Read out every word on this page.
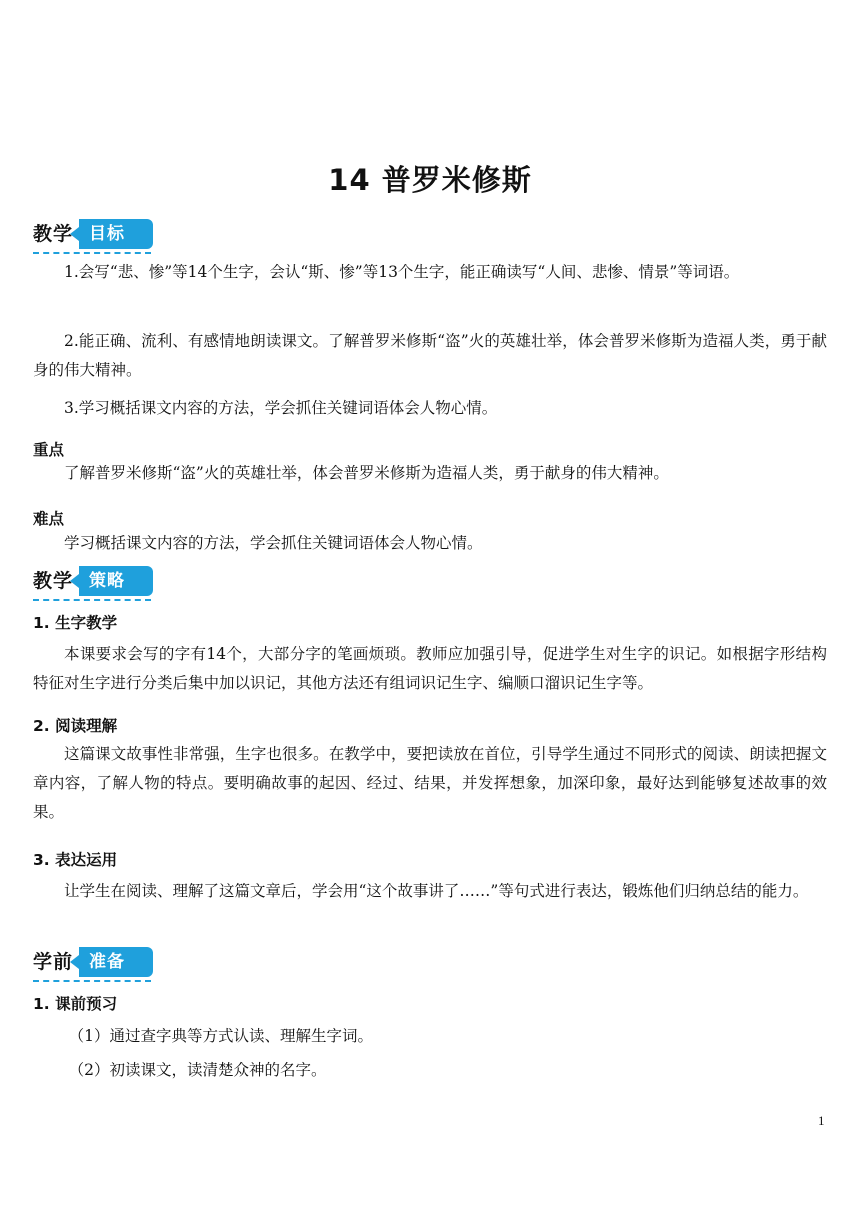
14 普罗米修斯
教学 目标
1.会写“悲、惨”等14个生字，会认“斯、惨”等13个生字，能正确读写“人间、悲惨、情景”等词语。
2.能正确、流利、有感情地朗读课文。了解普罗米修斯“盗”火的英雄壮举，体会普罗米修斯为造福人类，勇于献身的伟大精神。
3.学习概括课文内容的方法，学会抓住关键词语体会人物心情。
重点
了解普罗米修斯“盗”火的英雄壮举，体会普罗米修斯为造福人类，勇于献身的伟大精神。
难点
学习概括课文内容的方法，学会抓住关键词语体会人物心情。
教学 策略
1. 生字教学
本课要求会写的字有14个，大部分字的笔画烦琐。教师应加强引导，促进学生对生字的识记。如根据字形结构特征对生字进行分类后集中加以识记，其他方法还有组词识记生字、编顺口溜识记生字等。
2. 阅读理解
这篇课文故事性非常强，生字也很多。在教学中，要把读放在首位，引导学生通过不同形式的阅读、朗读把握文章内容，了解人物的特点。要明确故事的起因、经过、结果，并发挥想象，加深印象，最好达到能够复述故事的效果。
3. 表达运用
让学生在阅读、理解了这篇文章后，学会用“这个故事讲了……”等句式进行表达，锻炼他们归纳总结的能力。
学前 准备
1. 课前预习
（1）通过查字典等方式认读、理解生字词。
（2）初读课文，读清楚众神的名字。
1
